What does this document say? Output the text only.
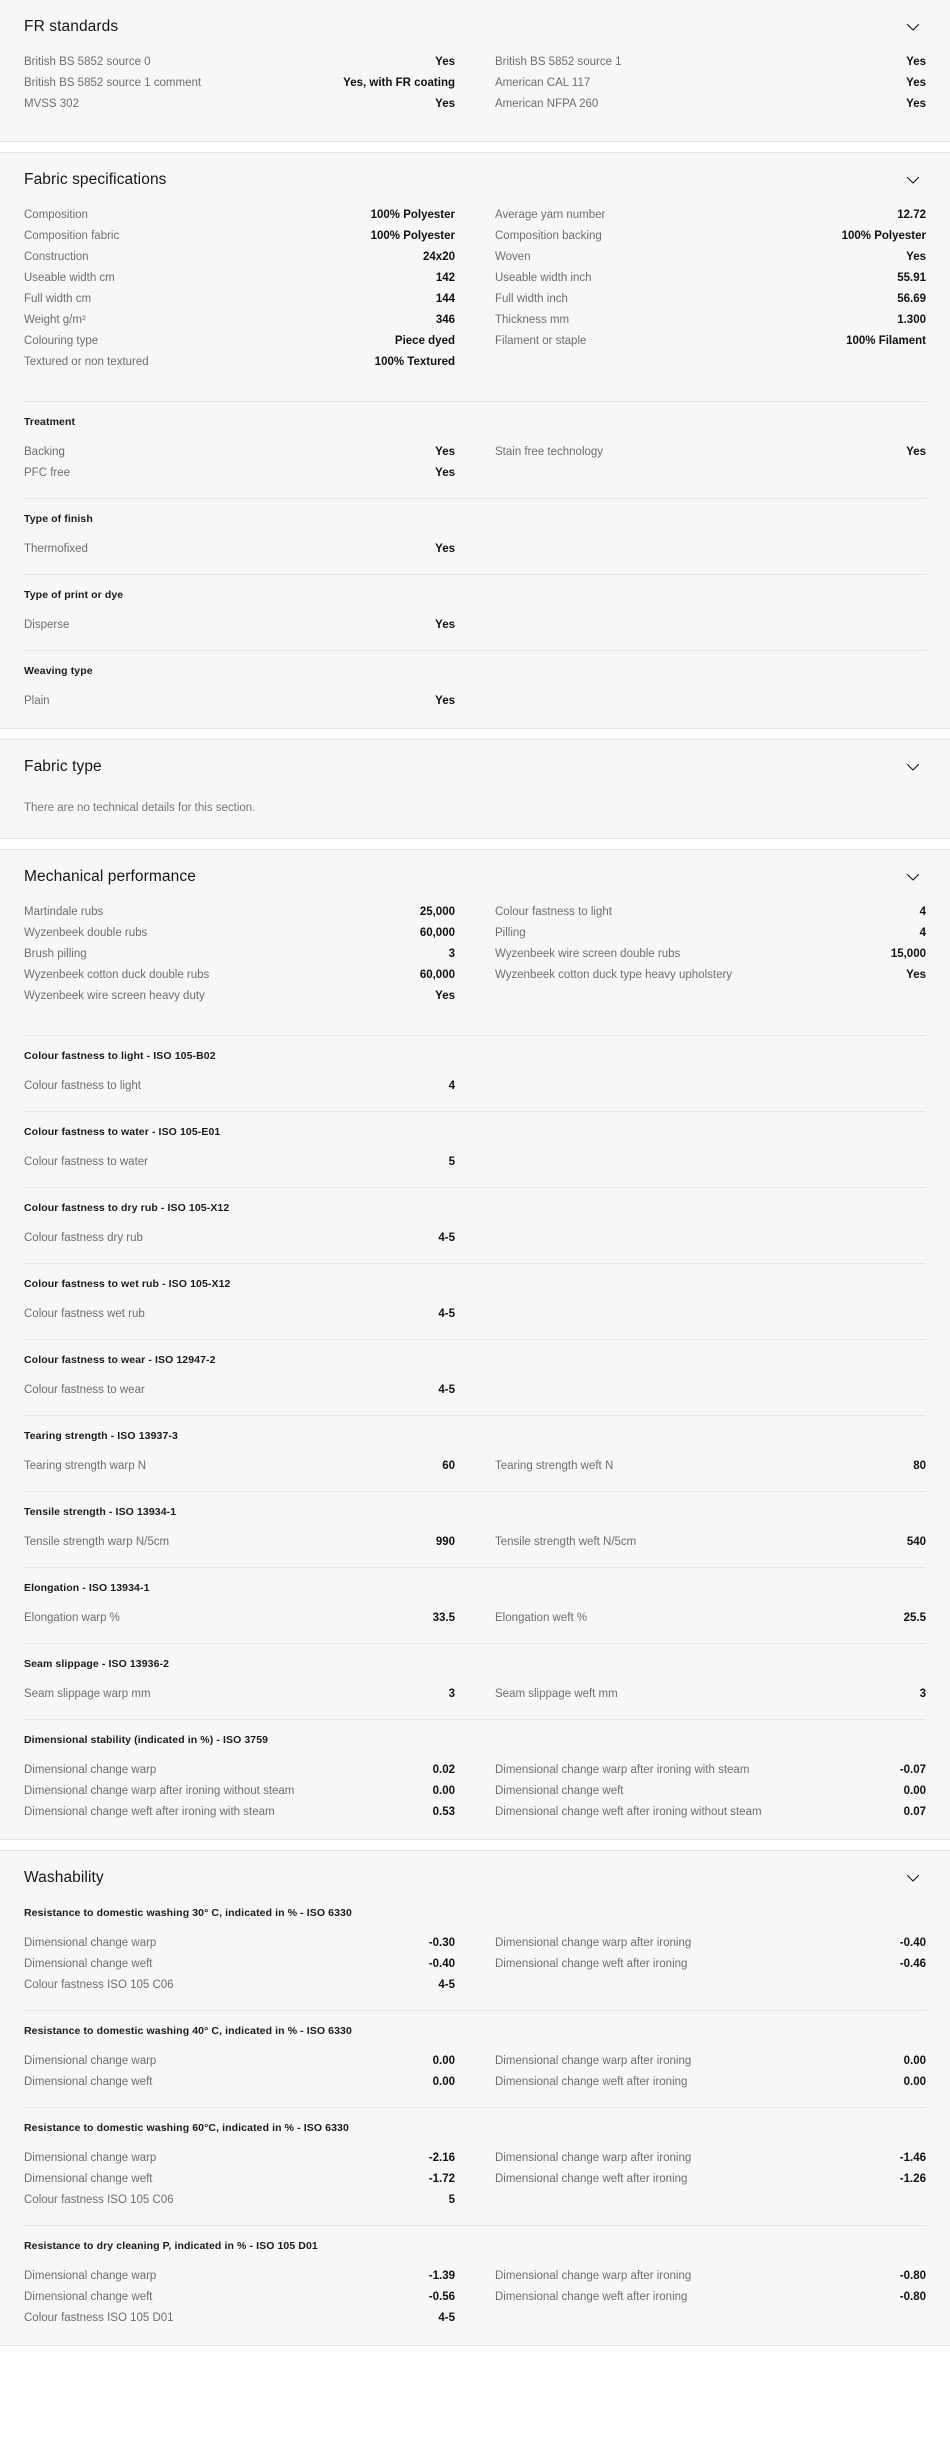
FR standards
British BS 5852 source 0	Yes
British BS 5852 source 1 comment	Yes, with FR coating
MVSS 302	Yes
British BS 5852 source 1	Yes
American CAL 117	Yes
American NFPA 260	Yes
Fabric specifications
Composition	100% Polyester
Composition fabric	100% Polyester
Construction	24x20
Useable width cm	142
Full width cm	144
Weight g/m²	346
Colouring type	Piece dyed
Textured or non textured	100% Textured
Average yarn number	12.72
Composition backing	100% Polyester
Woven	Yes
Useable width inch	55.91
Full width inch	56.69
Thickness mm	1.300
Filament or staple	100% Filament
Treatment
Backing	Yes
PFC free	Yes
Stain free technology	Yes
Type of finish
Thermofixed	Yes
Type of print or dye
Disperse	Yes
Weaving type
Plain	Yes
Fabric type
There are no technical details for this section.
Mechanical performance
Martindale rubs	25,000
Wyzenbeek double rubs	60,000
Brush pilling	3
Wyzenbeek cotton duck double rubs	60,000
Wyzenbeek wire screen heavy duty	Yes
Colour fastness to light	4
Pilling	4
Wyzenbeek wire screen double rubs	15,000
Wyzenbeek cotton duck type heavy upholstery	Yes
Colour fastness to light - ISO 105-B02
Colour fastness to light	4
Colour fastness to water - ISO 105-E01
Colour fastness to water	5
Colour fastness to dry rub - ISO 105-X12
Colour fastness dry rub	4-5
Colour fastness to wet rub - ISO 105-X12
Colour fastness wet rub	4-5
Colour fastness to wear - ISO 12947-2
Colour fastness to wear	4-5
Tearing strength - ISO 13937-3
Tearing strength warp N	60	Tearing strength weft N	80
Tensile strength - ISO 13934-1
Tensile strength warp N/5cm	990	Tensile strength weft N/5cm	540
Elongation - ISO 13934-1
Elongation warp %	33.5	Elongation weft %	25.5
Seam slippage - ISO 13936-2
Seam slippage warp mm	3	Seam slippage weft mm	3
Dimensional stability (indicated in %) - ISO 3759
Dimensional change warp	0.02
Dimensional change warp after ironing without steam	0.00
Dimensional change weft after ironing with steam	0.53
Dimensional change warp after ironing with steam	-0.07
Dimensional change weft	0.00
Dimensional change weft after ironing without steam	0.07
Washability
Resistance to domestic washing 30° C, indicated in % - ISO 6330
Dimensional change warp	-0.30
Dimensional change weft	-0.40
Colour fastness ISO 105 C06	4-5
Dimensional change warp after ironing	-0.40
Dimensional change weft after ironing	-0.46
Resistance to domestic washing 40° C, indicated in % - ISO 6330
Dimensional change warp	0.00
Dimensional change weft	0.00
Dimensional change warp after ironing	0.00
Dimensional change weft after ironing	0.00
Resistance to domestic washing 60°C, indicated in % - ISO 6330
Dimensional change warp	-2.16
Dimensional change weft	-1.72
Colour fastness ISO 105 C06	5
Dimensional change warp after ironing	-1.46
Dimensional change weft after ironing	-1.26
Resistance to dry cleaning P, indicated in % - ISO 105 D01
Dimensional change warp	-1.39
Dimensional change weft	-0.56
Colour fastness ISO 105 D01	4-5
Dimensional change warp after ironing	-0.80
Dimensional change weft after ironing	-0.80
